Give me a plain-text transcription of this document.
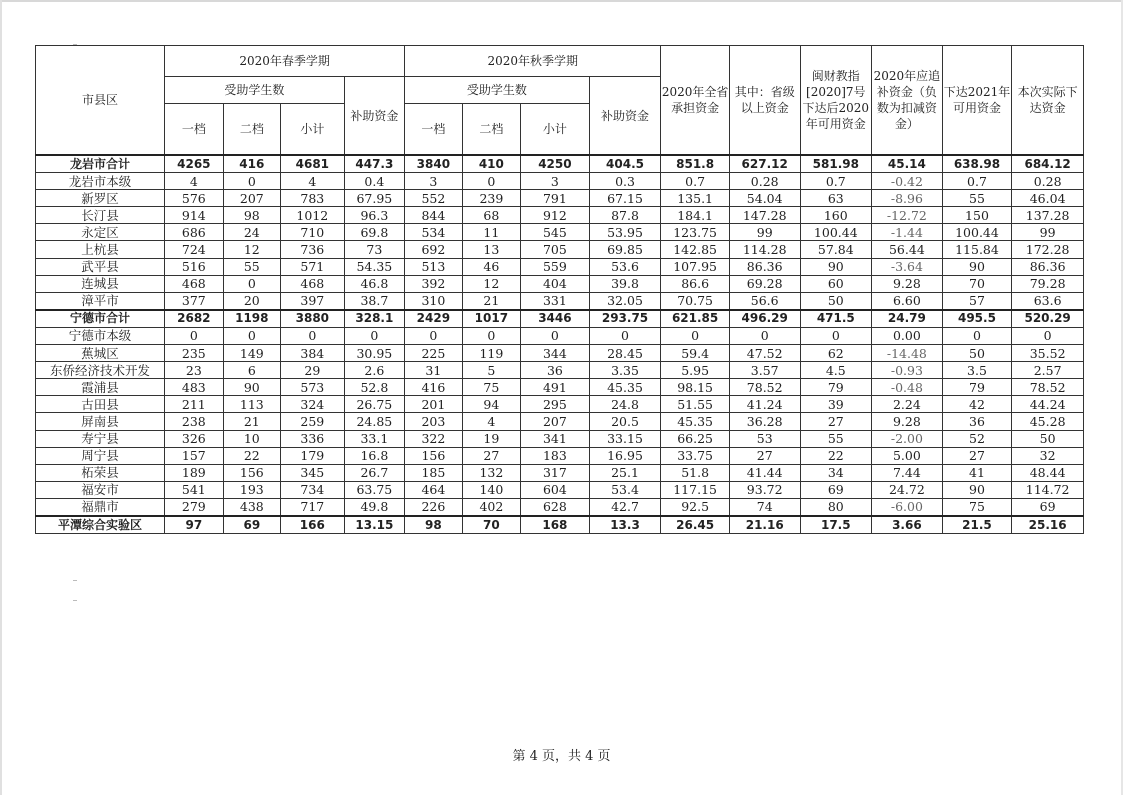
市县区	2020年春季学期				2020年秋季学期				2020年全省承担资金	其中：省级以上资金	闽财教指[2020]7号下达后2020年可用资金	2020年应追补资金（负数为扣减资金）	下达2021年可用资金	本次实际下达资金
	受助学生数			补助资金	受助学生数			补助资金						
	一档	二档	小计		一档	二档	小计							
龙岩市合计	4265	416	4681	447.3	3840	410	4250	404.5	851.8	627.12	581.98	45.14	638.98	684.12
龙岩市本级	4	0	4	0.4	3	0	3	0.3	0.7	0.28	0.7	-0.42	0.7	0.28
新罗区	576	207	783	67.95	552	239	791	67.15	135.1	54.04	63	-8.96	55	46.04
长汀县	914	98	1012	96.3	844	68	912	87.8	184.1	147.28	160	-12.72	150	137.28
永定区	686	24	710	69.8	534	11	545	53.95	123.75	99	100.44	-1.44	100.44	99
上杭县	724	12	736	73	692	13	705	69.85	142.85	114.28	57.84	56.44	115.84	172.28
武平县	516	55	571	54.35	513	46	559	53.6	107.95	86.36	90	-3.64	90	86.36
连城县	468	0	468	46.8	392	12	404	39.8	86.6	69.28	60	9.28	70	79.28
漳平市	377	20	397	38.7	310	21	331	32.05	70.75	56.6	50	6.60	57	63.6
宁德市合计	2682	1198	3880	328.1	2429	1017	3446	293.75	621.85	496.29	471.5	24.79	495.5	520.29
宁德市本级	0	0	0	0	0	0	0	0	0	0	0	0.00	0	0
蕉城区	235	149	384	30.95	225	119	344	28.45	59.4	47.52	62	-14.48	50	35.52
东侨经济技术开发	23	6	29	2.6	31	5	36	3.35	5.95	3.57	4.5	-0.93	3.5	2.57
霞浦县	483	90	573	52.8	416	75	491	45.35	98.15	78.52	79	-0.48	79	78.52
古田县	211	113	324	26.75	201	94	295	24.8	51.55	41.24	39	2.24	42	44.24
屏南县	238	21	259	24.85	203	4	207	20.5	45.35	36.28	27	9.28	36	45.28
寿宁县	326	10	336	33.1	322	19	341	33.15	66.25	53	55	-2.00	52	50
周宁县	157	22	179	16.8	156	27	183	16.95	33.75	27	22	5.00	27	32
柘荣县	189	156	345	26.7	185	132	317	25.1	51.8	41.44	34	7.44	41	48.44
福安市	541	193	734	63.75	464	140	604	53.4	117.15	93.72	69	24.72	90	114.72
福鼎市	279	438	717	49.8	226	402	628	42.7	92.5	74	80	-6.00	75	69
平潭综合实验区	97	69	166	13.15	98	70	168	13.3	26.45	21.16	17.5	3.66	21.5	25.16
第 4 页，共 4 页
